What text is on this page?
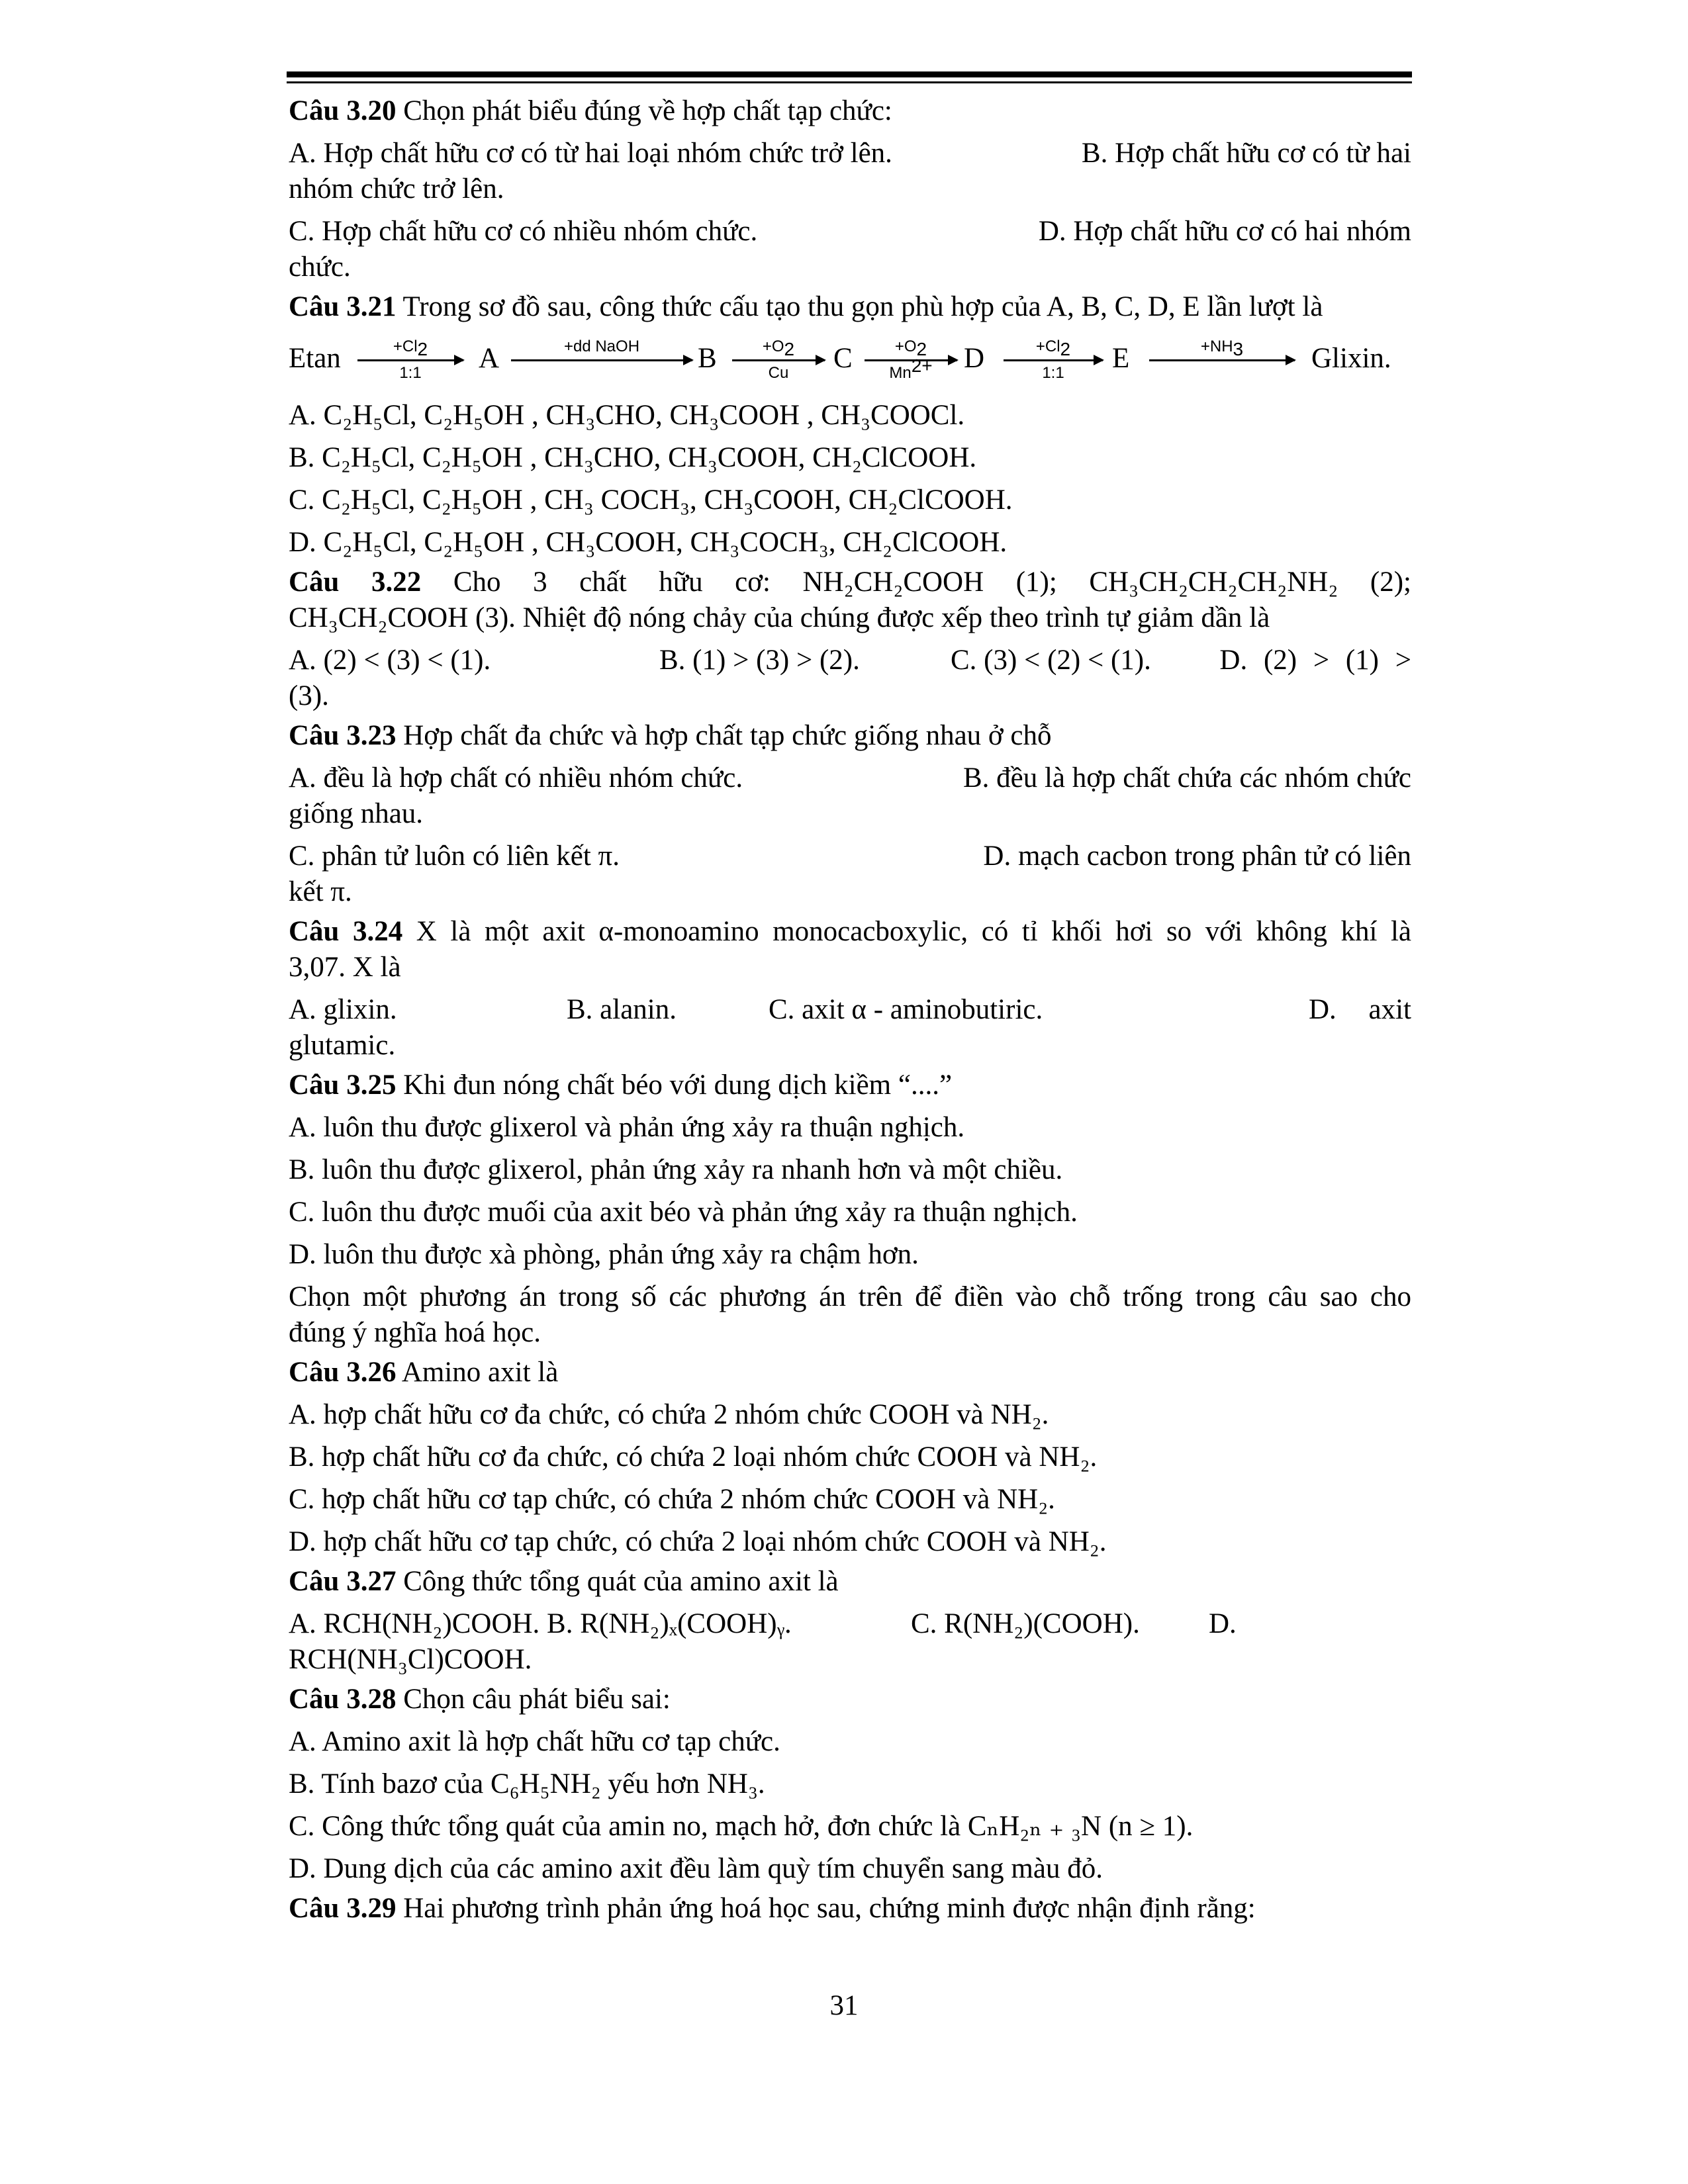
Câu 3.20 Chọn phát biểu đúng về hợp chất tạp chức:
A. Hợp chất hữu cơ có từ hai loại nhóm chức trở lên.	B. Hợp chất hữu cơ có từ hai
nhóm chức trở lên.
C. Hợp chất hữu cơ có nhiều nhóm chức.	D. Hợp chất hữu cơ có hai nhóm
chức.
Câu 3.21 Trong sơ đồ sau, công thức cấu tạo thu gọn phù hợp của A, B, C, D, E lần lượt là
Etan	$+Cl_2$
1:1	A	+dd NaOH	B	$+O_2$
Cu	C	$+O_2$
$Mn^{2+}$	D	$+Cl_2$
1:1	E	$+NH_3$	Glixin.
A. C₂H₅Cl, C₂H₅OH , CH₃CHO, CH₃COOH , CH₃COOCl.
B. C₂H₅Cl, C₂H₅OH , CH₃CHO, CH₃COOH, CH₂ClCOOH.
C. C₂H₅Cl, C₂H₅OH , CH₃ COCH₃, CH₃COOH, CH₂ClCOOH.
D. C₂H₅Cl, C₂H₅OH , CH₃COOH, CH₃COCH₃, CH₂ClCOOH.
Câu 3.22 Cho 3 chất hữu cơ: NH₂CH₂COOH (1); CH₃CH₂CH₂CH₂NH₂ (2);
CH₃CH₂COOH (3). Nhiệt độ nóng chảy của chúng được xếp theo trình tự giảm dần là
A. (2) < (3) < (1).	B. (1) > (3) > (2).	C. (3) < (2) < (1). D. (2) > (1) >
(3).
Câu 3.23 Hợp chất đa chức và hợp chất tạp chức giống nhau ở chỗ
A. đều là hợp chất có nhiều nhóm chức.	B. đều là hợp chất chứa các nhóm chức
giống nhau.
C. phân tử luôn có liên kết π.	D. mạch cacbon trong phân tử có liên
kết π.
Câu 3.24 X là một axit α-monoamino monocacboxylic, có tỉ khối hơi so với không khí là
3,07. X là
A. glixin.	B. alanin.	C. axit α - aminobutiric.	D. axit
glutamic.
Câu 3.25 Khi đun nóng chất béo với dung dịch kiềm “....”
A. luôn thu được glixerol và phản ứng xảy ra thuận nghịch.
B. luôn thu được glixerol, phản ứng xảy ra nhanh hơn và một chiều.
C. luôn thu được muối của axit béo và phản ứng xảy ra thuận nghịch.
D. luôn thu được xà phòng, phản ứng xảy ra chậm hơn.
Chọn một phương án trong số các phương án trên để điền vào chỗ trống trong câu sao cho
đúng ý nghĩa hoá học.
Câu 3.26 Amino axit là
A. hợp chất hữu cơ đa chức, có chứa 2 nhóm chức COOH và NH₂.
B. hợp chất hữu cơ đa chức, có chứa 2 loại nhóm chức COOH và NH₂.
C. hợp chất hữu cơ tạp chức, có chứa 2 nhóm chức COOH và NH₂.
D. hợp chất hữu cơ tạp chức, có chứa 2 loại nhóm chức COOH và NH₂.
Câu 3.27 Công thức tổng quát của amino axit là
A. RCH(NH₂)COOH. B. R(NH₂)ₓ(COOH)ᵧ.	C. R(NH₂)(COOH). D.
RCH(NH₃Cl)COOH.
Câu 3.28 Chọn câu phát biểu sai:
A. Amino axit là hợp chất hữu cơ tạp chức.
B. Tính bazơ của C₆H₅NH₂ yếu hơn NH₃.
C. Công thức tổng quát của amin no, mạch hở, đơn chức là CₙH₂ₙ ₊ ₃N (n ≥ 1).
D. Dung dịch của các amino axit đều làm quỳ tím chuyển sang màu đỏ.
Câu 3.29 Hai phương trình phản ứng hoá học sau, chứng minh được nhận định rằng:
31
